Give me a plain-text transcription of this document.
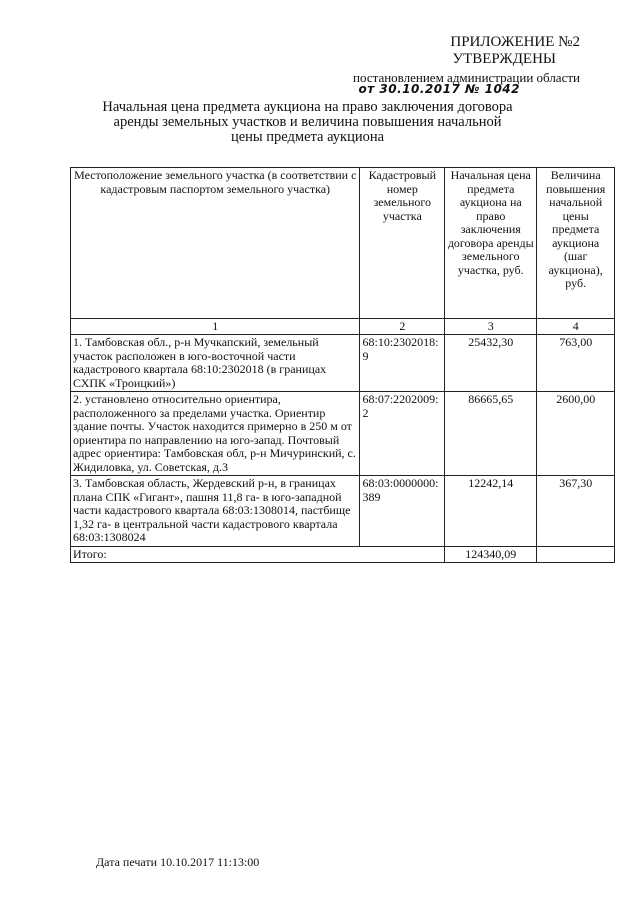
ПРИЛОЖЕНИЕ №2
УТВЕРЖДЕНЫ
постановлением администрации области
от 30.10.2017 № 1042
Начальная цена предмета аукциона на право заключения договора аренды земельных участков и величина повышения начальной цены предмета аукциона
Местоположение земельного участка (в соответствии с кадастровым паспортом земельного участка)	Кадастровый номер земельного участка	Начальная цена предмета аукциона на право заключения договора аренды земельного участка, руб.	Величина повышения начальной цены предмета аукциона (шаг аукциона), руб.
1	2	3	4
1. Тамбовская обл., р-н Мучкапский, земельный участок расположен в юго-восточной части кадастрового квартала 68:10:2302018 (в границах СХПК «Троицкий»)	68:10:2302018:9	25432,30	763,00
2. установлено относительно ориентира, расположенного за пределами участка. Ориентир здание почты. Участок находится примерно в 250 м от ориентира по направлению на юго-запад. Почтовый адрес ориентира: Тамбовская обл, р-н Мичуринский, с. Жидиловка, ул. Советская, д.3	68:07:2202009:2	86665,65	2600,00
3. Тамбовская область, Жердевский р-н, в границах плана СПК «Гигант», пашня 11,8 га- в юго-западной части кадастрового квартала 68:03:1308014, пастбище 1,32 га- в центральной части кадастрового квартала 68:03:1308024	68:03:0000000:389	12242,14	367,30
Итого:		124340,09	
Дата печати 10.10.2017 11:13:00
